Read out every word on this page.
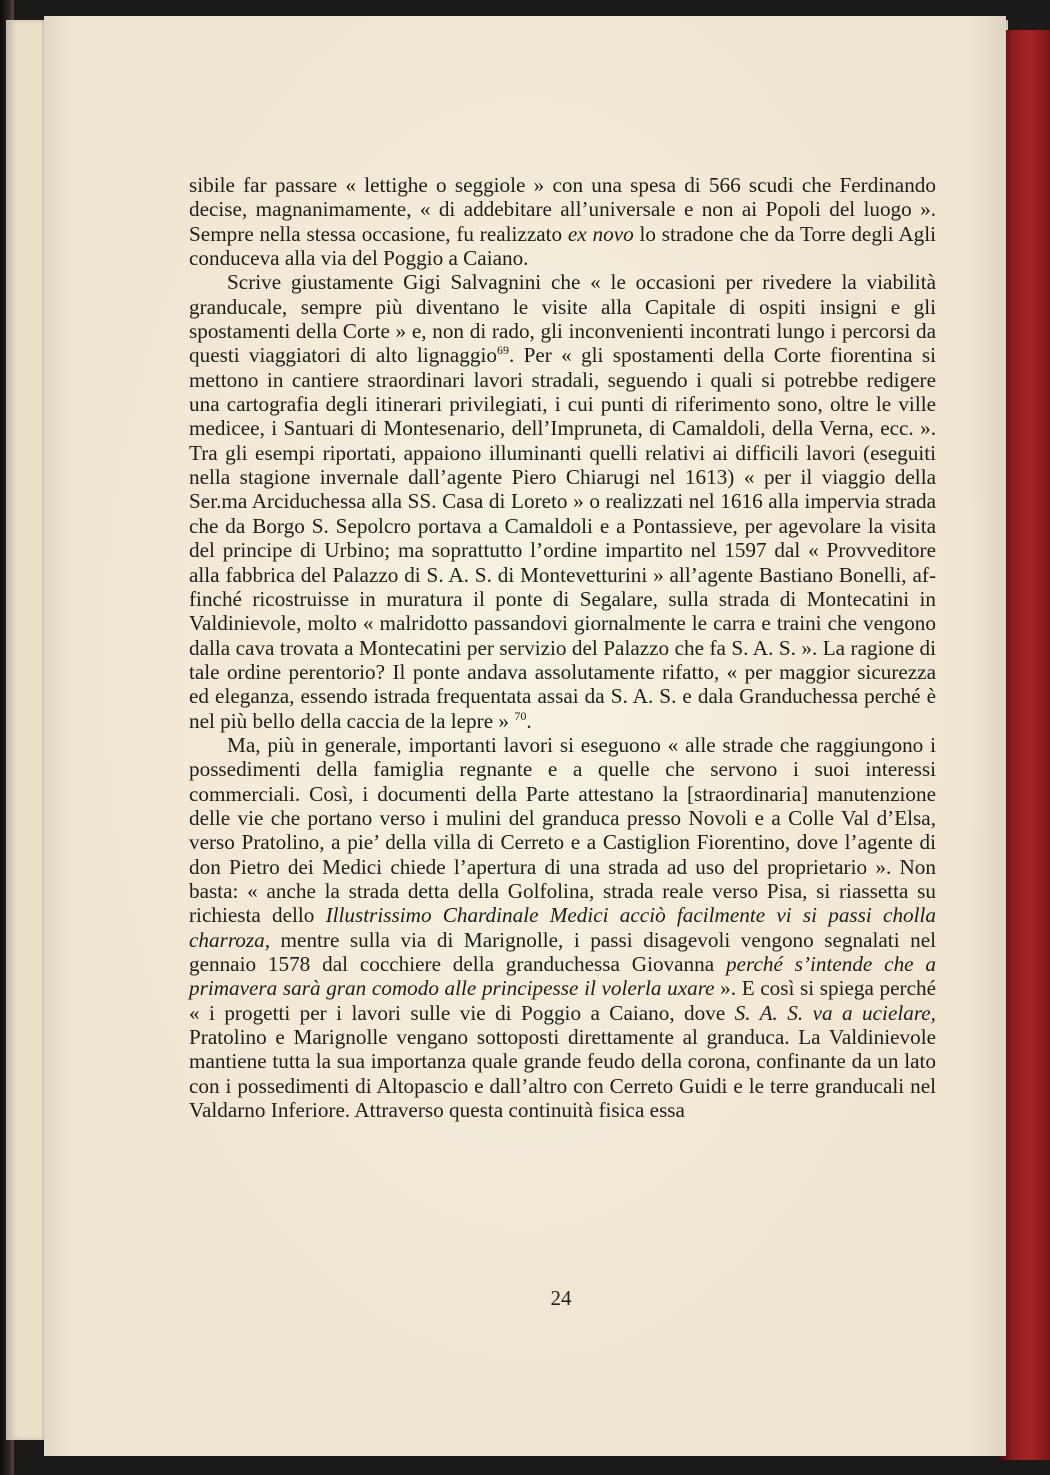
sibile far passare « lettighe o seggiole » con una spesa di 566 scudi che Ferdinando decise, magnanimamente, « di addebitare all’universale e non ai Popoli del luogo ». Sempre nella stessa occasione, fu realizzato ex novo lo stradone che da Torre degli Agli conduceva alla via del Poggio a Caiano.

Scrive giustamente Gigi Salvagnini che « le occasioni per rivedere la viabilità granducale, sempre più diventano le visite alla Capitale di ospiti insigni e gli spostamenti della Corte » e, non di rado, gli inconvenienti incontrati lungo i percorsi da questi viaggiatori di alto lignaggio$^{69}$. Per « gli spostamenti della Corte fiorentina si mettono in cantiere straordinari lavori stradali, seguendo i quali si potrebbe redigere una cartografia degli itinerari privilegiati, i cui punti di riferimento sono, oltre le ville medicee, i Santuari di Montesenario, dell’Impruneta, di Camaldoli, della Verna, ecc. ». Tra gli esempi riportati, appaiono illuminanti quelli relativi ai difficili lavori (eseguiti nella stagione invernale dall’agente Piero Chiarugi nel 1613) « per il viaggio della Ser.ma Arciduchessa alla SS. Casa di Loreto » o realizzati nel 1616 alla impervia strada che da Borgo S. Sepolcro portava a Camaldoli e a Pontassieve, per agevolare la visita del principe di Urbino; ma soprattutto l’ordine impartito nel 1597 dal « Provveditore alla fabbrica del Palazzo di S. A. S. di Montevetturini » all’agente Bastiano Bonelli, affinché ricostruisse in muratura il ponte di Segalare, sulla strada di Montecatini in Valdinievole, molto « malridotto passandovi giornalmente le carra e traini che vengono dalla cava trovata a Montecatini per servizio del Palazzo che fa S. A. S. ». La ragione di tale ordine perentorio? Il ponte andava assolutamente rifatto, « per maggior sicurezza ed eleganza, essendo istrada frequentata assai da S. A. S. e dala Granduchessa perché è nel più bello della caccia de la lepre » $^{70}$.

Ma, più in generale, importanti lavori si eseguono « alle strade che raggiungono i possedimenti della famiglia regnante e a quelle che servono i suoi interessi commerciali. Così, i documenti della Parte attestano la [straordinaria] manutenzione delle vie che portano verso i mulini del granduca presso Novoli e a Colle Val d’Elsa, verso Pratolino, a pie’ della villa di Cerreto e a Castiglion Fiorentino, dove l’agente di don Pietro dei Medici chiede l’apertura di una strada ad uso del proprietario ». Non basta: « anche la strada detta della Golfolina, strada reale verso Pisa, si riassetta su richiesta dello Illustrissimo Chardinale Medici acciò facilmente vi si passi cholla charroza, mentre sulla via di Marignolle, i passi disagevoli vengono segnalati nel gennaio 1578 dal cocchiere della granduchessa Giovanna perché s’intende che a primavera sarà gran comodo alle principesse il volerla uxare ». E così si spiega perché « i progetti per i lavori sulle vie di Poggio a Caiano, dove S. A. S. va a ucielare, Pratolino e Marignolle vengano sottoposti direttamente al granduca. La Valdinievole mantiene tutta la sua importanza quale grande feudo della corona, confinante da un lato con i possedimenti di Altopascio e dall’altro con Cerreto Guidi e le terre granducali nel Valdarno Inferiore. Attraverso questa continuità fisica essa

24
